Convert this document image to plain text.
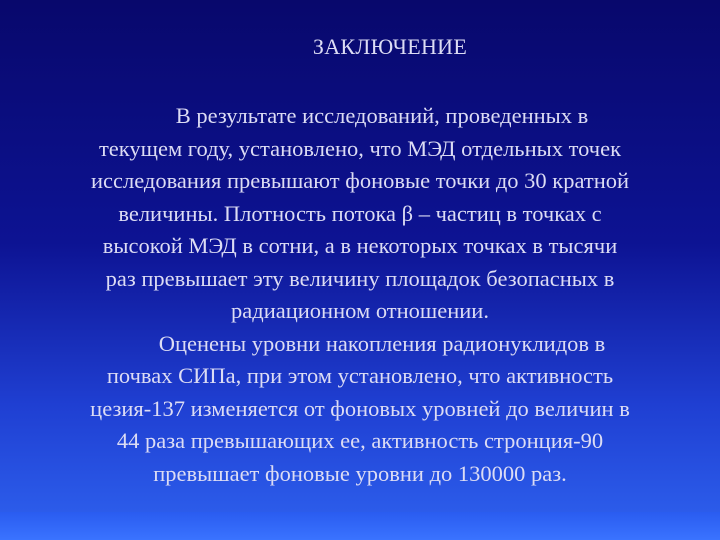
ЗАКЛЮЧЕНИЕ
В результате исследований, проведенных в
текущем году, установлено, что МЭД отдельных точек
исследования превышают фоновые точки до 30 кратной
величины. Плотность потока β – частиц в точках с
высокой МЭД в сотни, а в некоторых точках в тысячи
раз превышает эту величину площадок безопасных в
радиационном отношении.
Оценены уровни накопления радионуклидов в
почвах СИПа, при этом установлено, что активность
цезия-137 изменяется от фоновых уровней до величин в
44 раза превышающих ее, активность стронция-90
превышает фоновые уровни до 130000 раз.
